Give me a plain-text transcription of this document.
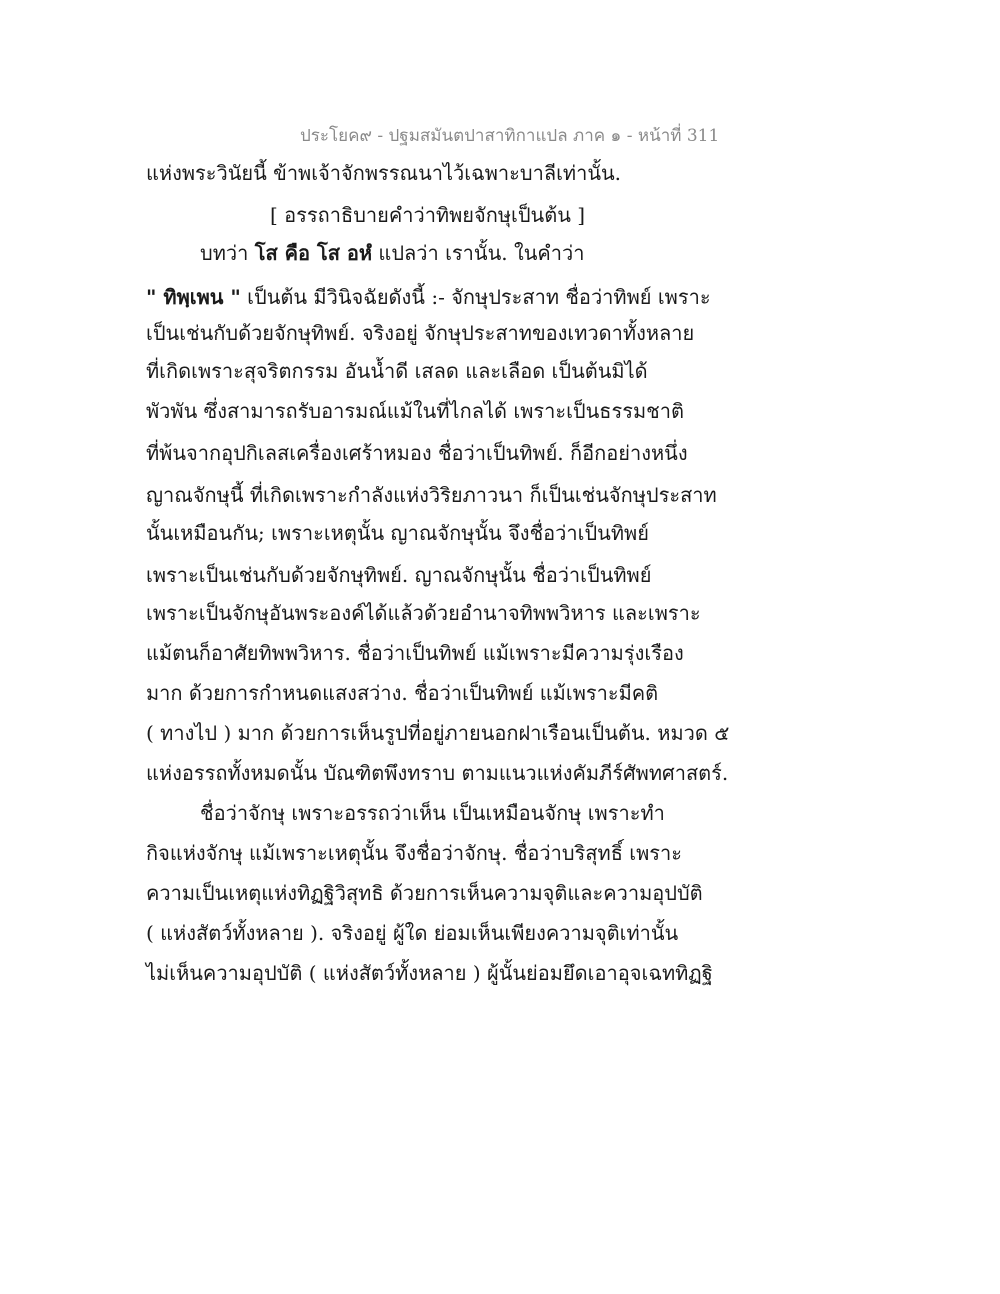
ประโยค๙ - ปฐมสมันตปาสาทิกาแปล ภาค ๑ - หน้าที่ 311
แห่งพระวินัยนี้ ข้าพเจ้าจักพรรณนาไว้เฉพาะบาลีเท่านั้น.
[ อรรถาธิบายคำว่าทิพยจักษุเป็นต้น ]
บทว่า โส คือ โส อหํ แปลว่า เรานั้น. ในคำว่า
" ทิพฺเพน " เป็นต้น มีวินิจฉัยดังนี้ :- จักษุประสาท ชื่อว่าทิพย์ เพราะ
เป็นเช่นกับด้วยจักษุทิพย์. จริงอยู่ จักษุประสาทของเทวดาทั้งหลาย
ที่เกิดเพราะสุจริตกรรม อันน้ำดี เสลด และเลือด เป็นต้นมิได้
พัวพัน ซึ่งสามารถรับอารมณ์แม้ในที่ไกลได้ เพราะเป็นธรรมชาติ
ที่พ้นจากอุปกิเลสเครื่องเศร้าหมอง ชื่อว่าเป็นทิพย์. ก็อีกอย่างหนึ่ง
ญาณจักษุนี้ ที่เกิดเพราะกำลังแห่งวิริยภาวนา ก็เป็นเช่นจักษุประสาท
นั้นเหมือนกัน; เพราะเหตุนั้น ญาณจักษุนั้น จึงชื่อว่าเป็นทิพย์
เพราะเป็นเช่นกับด้วยจักษุทิพย์. ญาณจักษุนั้น ชื่อว่าเป็นทิพย์
เพราะเป็นจักษุอันพระองค์ได้แล้วด้วยอำนาจทิพพวิหาร และเพราะ
แม้ตนก็อาศัยทิพพวิหาร. ชื่อว่าเป็นทิพย์ แม้เพราะมีความรุ่งเรือง
มาก ด้วยการกำหนดแสงสว่าง. ชื่อว่าเป็นทิพย์ แม้เพราะมีคติ
( ทางไป ) มาก ด้วยการเห็นรูปที่อยู่ภายนอกฝาเรือนเป็นต้น. หมวด ๕
แห่งอรรถทั้งหมดนั้น บัณฑิตพึงทราบ ตามแนวแห่งคัมภีร์ศัพทศาสตร์.
ชื่อว่าจักษุ เพราะอรรถว่าเห็น เป็นเหมือนจักษุ เพราะทำ
กิจแห่งจักษุ แม้เพราะเหตุนั้น จึงชื่อว่าจักษุ. ชื่อว่าบริสุทธิ์ เพราะ
ความเป็นเหตุแห่งทิฏฐิวิสุทธิ ด้วยการเห็นความจุติและความอุปบัติ
( แห่งสัตว์ทั้งหลาย ). จริงอยู่ ผู้ใด ย่อมเห็นเพียงความจุติเท่านั้น
ไม่เห็นความอุปบัติ ( แห่งสัตว์ทั้งหลาย ) ผู้นั้นย่อมยึดเอาอุจเฉททิฏฐิ
